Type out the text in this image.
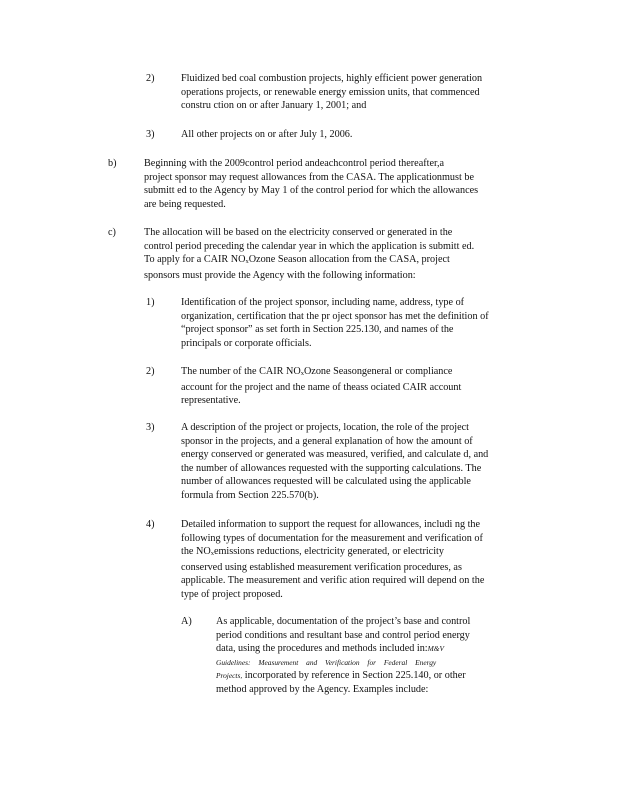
2)	Fluidized bed coal combustion projects, highly efficient power generation
operations projects, or renewable energy emission units, that commenced
constru ction on or after January 1, 2001; and
3)	All other projects on or after July 1, 2006.
b)	Beginning with the 2009control period andeachcontrol period thereafter,a
project sponsor may request allowances from the CASA. The applicationmust be
submitt ed to the Agency by May 1 of the control period for which the allowances
are being requested.
c)	The allocation will be based on the electricity conserved or generated in the
control period preceding the calendar year in which the application is submitt ed.
To apply for a CAIR $NO_xOzone$ Season allocation from the CASA, project
sponsors must provide the Agency with the following information:
1)	Identification of the project sponsor, including name, address, type of
organization, certification that the pr oject sponsor has met the definition of
“project sponsor” as set forth in Section 225.130, and names of the
principals or corporate officials.
2)	The number of the CAIR $NO_xOzone$ Seasongeneral or compliance
account for the project and the name of theass ociated CAIR account
representative.
3)	A description of the project or projects, location, the role of the project
sponsor in the projects, and a general explanation of how the amount of
energy conserved or generated was measured, verified, and calculate d, and
the number of allowances requested with the supporting calculations. The
number of allowances requested will be calculated using the applicable
formula from Section 225.570(b).
4)	Detailed information to support the request for allowances, includi ng the
following types of documentation for the measurement and verification of
the $NO_xemissions$ reductions, electricity generated, or electricity
conserved using established measurement verification procedures, as
applicable. The measurement and verific ation required will depend on the
type of project proposed.
A) As applicable, documentation of the project’s base and control
period conditions and resultant base and control period energy
data, using the procedures and methods included in:M&V
Guidelines: Measurement and Verification for Federal Energy
Projects, incorporated by reference in Section 225.140, or other
method approved by the Agency. Examples include:
